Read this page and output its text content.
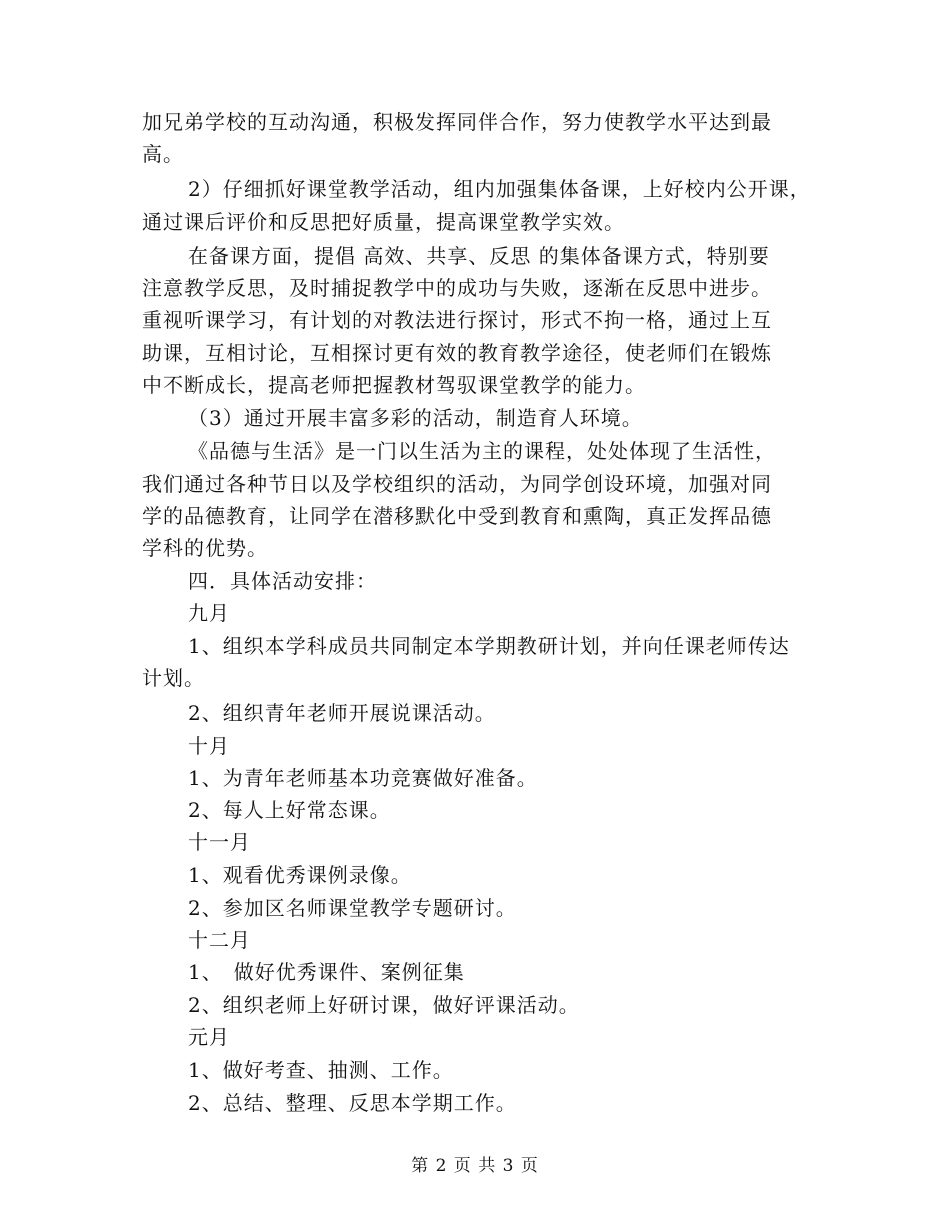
加兄弟学校的互动沟通，积极发挥同伴合作，努力使教学水平达到最
高。
2）仔细抓好课堂教学活动，组内加强集体备课，上好校内公开课，
通过课后评价和反思把好质量，提高课堂教学实效。
在备课方面，提倡 高效、共享、反思 的集体备课方式，特别要
注意教学反思，及时捕捉教学中的成功与失败，逐渐在反思中进步。
重视听课学习，有计划的对教法进行探讨，形式不拘一格，通过上互
助课，互相讨论，互相探讨更有效的教育教学途径，使老师们在锻炼
中不断成长，提高老师把握教材驾驭课堂教学的能力。
（3）通过开展丰富多彩的活动，制造育人环境。
《品德与生活》是一门以生活为主的课程，处处体现了生活性，
我们通过各种节日以及学校组织的活动，为同学创设环境，加强对同
学的品德教育，让同学在潜移默化中受到教育和熏陶，真正发挥品德
学科的优势。
四．具体活动安排：
九月
1、组织本学科成员共同制定本学期教研计划，并向任课老师传达
计划。
2、组织青年老师开展说课活动。
十月
1、为青年老师基本功竞赛做好准备。
2、每人上好常态课。
十一月
1、观看优秀课例录像。
2、参加区名师课堂教学专题研讨。
十二月
1、　做好优秀课件、案例征集
2、组织老师上好研讨课，做好评课活动。
元月
1、做好考查、抽测、工作。
2、总结、整理、反思本学期工作。
第 2 页 共 3 页
